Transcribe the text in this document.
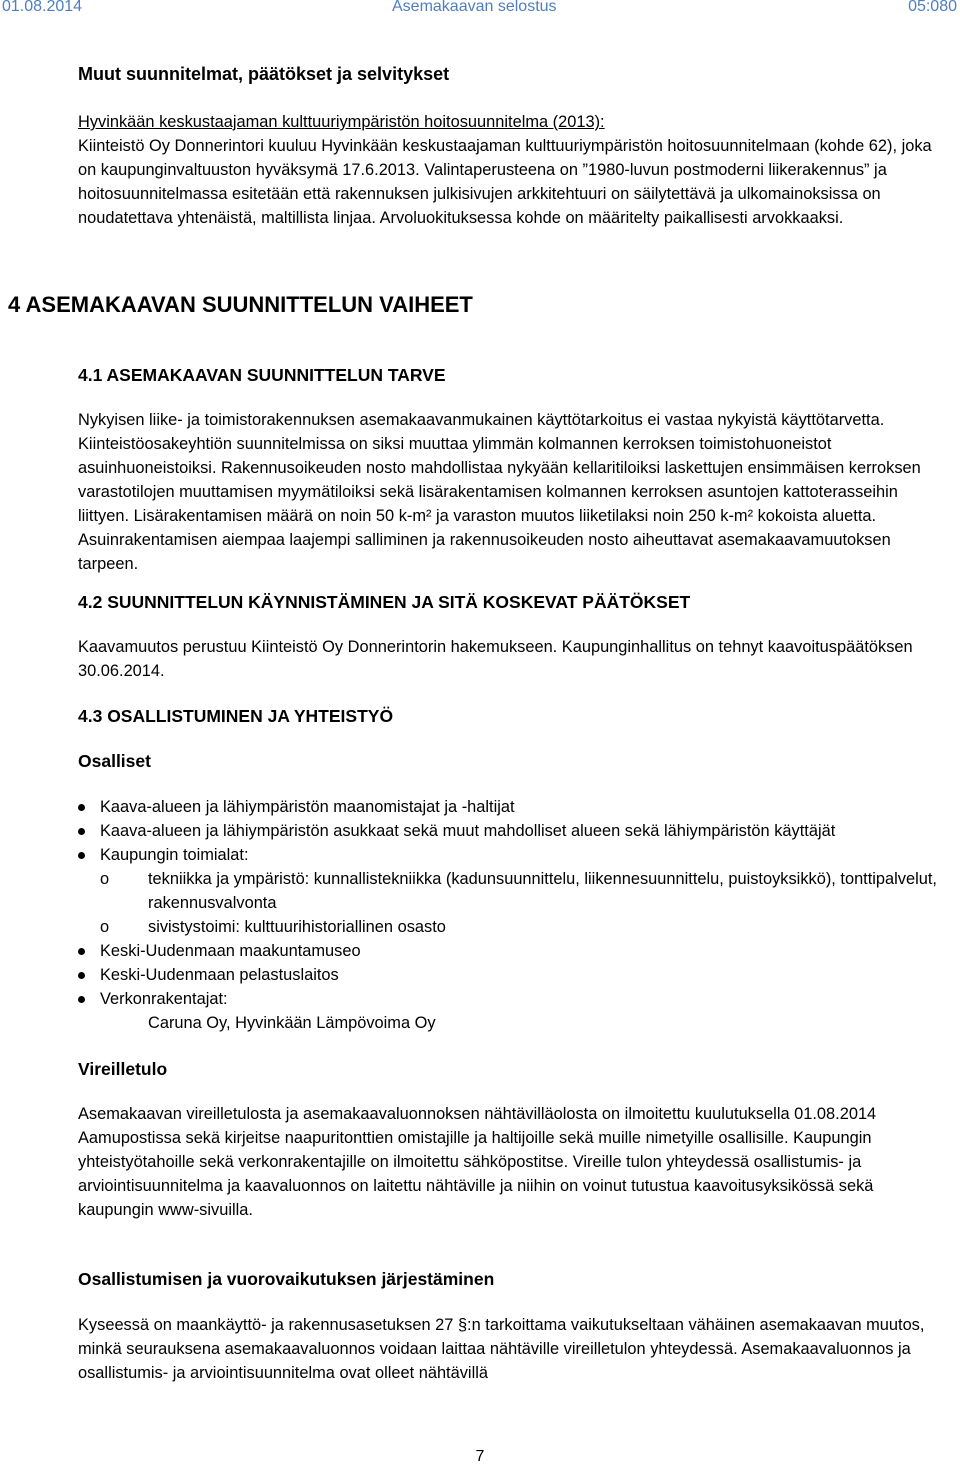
01.08.2014	Asemakaavan selostus	05:080
Muut suunnitelmat, päätökset ja selvitykset

Hyvinkään keskustaajaman kulttuuriympäristön hoitosuunnitelma (2013):

Kiinteistö Oy Donnerintori kuuluu Hyvinkään keskustaajaman kulttuuriympäristön hoitosuunnitelmaan (kohde 62), joka on kaupunginvaltuuston hyväksymä 17.6.2013. Valintaperusteena on ”1980-luvun postmoderni liikerakennus” ja hoitosuunnitelmassa esitetään että rakennuksen julkisivujen arkkitehtuuri on säilytettävä ja ulkomainoksissa on noudatettava yhtenäistä, maltillista linjaa. Arvoluokituksessa kohde on määritelty paikallisesti arvokkaaksi.

4 ASEMAKAAVAN SUUNNITTELUN VAIHEET
4.1 ASEMAKAAVAN SUUNNITTELUN TARVE

Nykyisen liike- ja toimistorakennuksen asemakaavanmukainen käyttötarkoitus ei vastaa nykyistä käyttötarvetta. Kiinteistöosakeyhtiön suunnitelmissa on siksi muuttaa ylimmän kolmannen kerroksen toimistohuoneistot asuinhuoneistoiksi. Rakennusoikeuden nosto mahdollistaa nykyään kellaritiloiksi laskettujen ensimmäisen kerroksen varastotilojen muuttamisen myymätiloiksi sekä lisärakentamisen kolmannen kerroksen asuntojen kattoterasseihin liittyen. Lisärakentamisen määrä on noin 50 k-m² ja varaston muutos liiketilaksi noin 250 k-m² kokoista aluetta. Asuinrakentamisen aiempaa laajempi salliminen ja rakennusoikeuden nosto aiheuttavat asemakaavamuutoksen tarpeen.

4.2 SUUNNITTELUN KÄYNNISTÄMINEN JA SITÄ KOSKEVAT PÄÄTÖKSET

Kaavamuutos perustuu Kiinteistö Oy Donnerintorin hakemukseen. Kaupunginhallitus on tehnyt kaavoituspäätöksen 30.06.2014.

4.3 OSALLISTUMINEN JA YHTEISTYÖ
Osalliset
Kaava-alueen ja lähiympäristön maanomistajat ja -haltijat
Kaava-alueen ja lähiympäristön asukkaat sekä muut mahdolliset alueen sekä lähiympäristön käyttäjät
Kaupungin toimialat:
o tekniikka ja ympäristö: kunnallistekniikka (kadunsuunnittelu, liikennesuunnittelu, puistoyksikkö), tonttipalvelut, rakennusvalvonta
o sivistystoimi: kulttuurihistoriallinen osasto
Keski-Uudenmaan maakuntamuseo
Keski-Uudenmaan pelastuslaitos
Verkonrakentajat:
Caruna Oy, Hyvinkään Lämpövoima Oy
Vireilletulo

Asemakaavan vireilletulosta ja asemakaavaluonnoksen nähtävilläolosta on ilmoitettu kuulutuksella 01.08.2014 Aamupostissa sekä kirjeitse naapuritonttien omistajille ja haltijoille sekä muille nimetyille osallisille. Kaupungin yhteistyötahoille sekä verkonrakentajille on ilmoitettu sähköpostitse. Vireille tulon yhteydessä osallistumis- ja arviointisuunnitelma ja kaavaluonnos on laitettu nähtäville ja niihin on voinut tutustua kaavoitusyksikössä sekä kaupungin www-sivuilla.

Osallistumisen ja vuorovaikutuksen järjestäminen

Kyseessä on maankäyttö- ja rakennusasetuksen 27 §:n tarkoittama vaikutukseltaan vähäinen asemakaavan muutos, minkä seurauksena asemakaavaluonnos voidaan laittaa nähtäville vireilletulon yhteydessä. Asemakaavaluonnos ja osallistumis- ja arviointisuunnitelma ovat olleet nähtävillä

7
